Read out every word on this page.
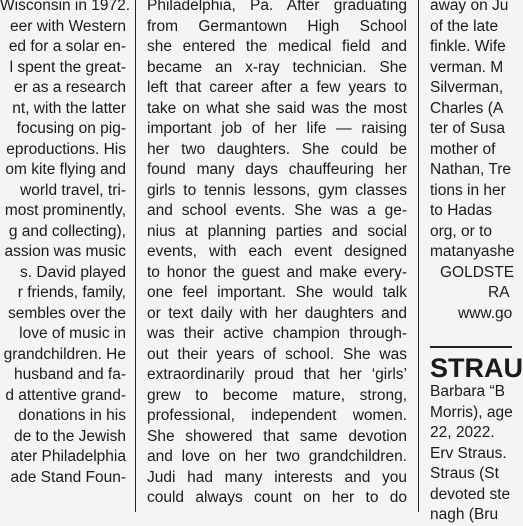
Wisconsin in 1972.
eer with Western
ed for a solar en-
l spent the great-
er as a research
nt, with the latter
focusing on pig-
eproductions. His
om kite flying and
world travel, tri-
most prominently,
g and collecting),
assion was music
s. David played
r friends, family,
sembles over the
love of music in
grandchildren. He
husband and fa-
d attentive grand-
donations in his
de to the Jewish
ater Philadelphia
ade Stand Foun-
Philadelphia, Pa. After graduating
from Germantown High School
she entered the medical field and
became an x-ray technician. She
left that career after a few years to
take on what she said was the most
important job of her life — raising
her two daughters. She could be
found many days chauffeuring her
girls to tennis lessons, gym classes
and school events. She was a ge-
nius at planning parties and social
events, with each event designed
to honor the guest and make every-
one feel important. She would talk
or text daily with her daughters and
was their active champion through-
out their years of school. She was
extraordinarily proud that her ‘girls’
grew to become mature, strong,
professional, independent women.
She showered that same devotion
and love on her two grandchildren.
Judi had many interests and you
could always count on her to do
away on Ju
of the late
finkle. Wife
verman. M
Silverman,
Charles (A
ter of Susa
mother of
Nathan, Tre
tions in her
to Hadas
org, or to
matanyashe
GOLDSTE
RA
www.go
STRAU
Barbara “B
Morris), age
22, 2022.
Erv Straus.
Straus (St
devoted ste
nagh (Bru
